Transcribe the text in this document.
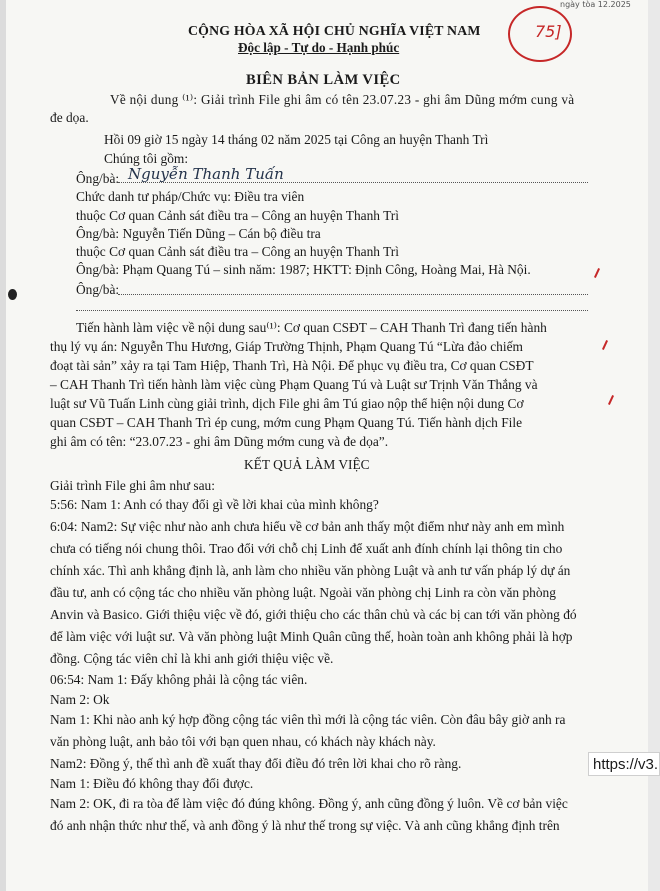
ngày tòa 12.2025
75]
CỘNG HÒA XÃ HỘI CHỦ NGHĨA VIỆT NAM
Độc lập - Tự do - Hạnh phúc
BIÊN BẢN LÀM VIỆC
Về nội dung ⁽¹⁾: Giải trình File ghi âm có tên 23.07.23 - ghi âm Dũng mớm cung và
đe dọa.
Hồi 09 giờ 15 ngày 14 tháng 02 năm 2025 tại Công an huyện Thanh Trì
Chúng tôi gồm:
Ông/bà: Nguyễn Thanh Tuấn
Chức danh tư pháp/Chức vụ: Điều tra viên
thuộc Cơ quan Cảnh sát điều tra – Công an huyện Thanh Trì
Ông/bà: Nguyễn Tiến Dũng – Cán bộ điều tra
thuộc Cơ quan Cảnh sát điều tra – Công an huyện Thanh Trì
Ông/bà: Phạm Quang Tú – sinh năm: 1987; HKTT: Định Công, Hoàng Mai, Hà Nội.
Ông/bà:
Tiến hành làm việc về nội dung sau⁽¹⁾: Cơ quan CSĐT – CAH Thanh Trì đang tiến hành
thụ lý vụ án: Nguyễn Thu Hương, Giáp Trường Thịnh, Phạm Quang Tú “Lừa đảo chiếm
đoạt tài sản” xảy ra tại Tam Hiệp, Thanh Trì, Hà Nội. Để phục vụ điều tra, Cơ quan CSĐT
– CAH Thanh Trì tiến hành làm việc cùng Phạm Quang Tú và Luật sư Trịnh Văn Thắng và
luật sư Vũ Tuấn Linh cùng giải trình, dịch File ghi âm Tú giao nộp thể hiện nội dung Cơ
quan CSĐT – CAH Thanh Trì ép cung, mớm cung Phạm Quang Tú. Tiến hành dịch File
ghi âm có tên: “23.07.23 - ghi âm Dũng mớm cung và đe dọa”.
KẾT QUẢ LÀM VIỆC
Giải trình File ghi âm như sau:
5:56: Nam 1: Anh có thay đổi gì về lời khai của mình không?
6:04: Nam2: Sự việc như nào anh chưa hiểu về cơ bản anh thấy một điểm như này anh em mình
chưa có tiếng nói chung thôi. Trao đổi với chỗ chị Linh để xuất anh đính chính lại thông tin cho
chính xác. Thì anh khẳng định là, anh làm cho nhiều văn phòng Luật và anh tư vấn pháp lý dự án
đầu tư, anh có cộng tác cho nhiều văn phòng luật. Ngoài văn phòng chị Linh ra còn văn phòng
Anvin và Basico. Giới thiệu việc về đó, giới thiệu cho các thân chủ và các bị can tới văn phòng đó
để làm việc với luật sư. Và văn phòng luật Minh Quân cũng thế, hoàn toàn anh không phải là hợp
đồng. Cộng tác viên chỉ là khi anh giới thiệu việc về.
06:54: Nam 1: Đấy không phải là cộng tác viên.
Nam 2: Ok
Nam 1: Khi nào anh ký hợp đồng cộng tác viên thì mới là cộng tác viên. Còn đâu bây giờ anh ra
văn phòng luật, anh bảo tôi với bạn quen nhau, có khách này khách này.
Nam2: Đồng ý, thế thì anh đề xuất thay đổi điều đó trên lời khai cho rõ ràng.
Nam 1: Điều đó không thay đổi được.
Nam 2: OK, đi ra tòa để làm việc đó đúng không. Đồng ý, anh cũng đồng ý luôn. Về cơ bản việc
đó anh nhận thức như thế, và anh đồng ý là như thế trong sự việc. Và anh cũng khẳng định trên
https://v3.
